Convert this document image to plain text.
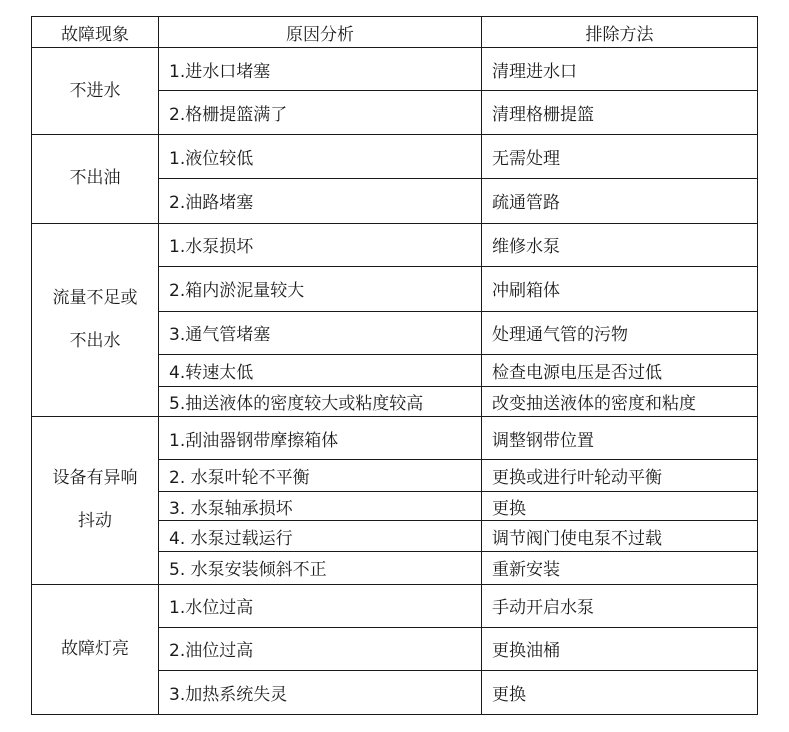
故障现象	原因分析	排除方法

不进水	1.进水口堵塞	清理进水口
	2.格栅提篮满了	清理格栅提篮

不出油	1.液位较低	无需处理
	2.油路堵塞	疏通管路

流量不足或
不出水	1.水泵损坏	维修水泵
	2.箱内淤泥量较大	冲刷箱体
	3.通气管堵塞	处理通气管的污物
	4.转速太低	检查电源电压是否过低
	5.抽送液体的密度较大或粘度较高	改变抽送液体的密度和粘度

设备有异响
抖动	1.刮油器钢带摩擦箱体	调整钢带位置
	2. 水泵叶轮不平衡	更换或进行叶轮动平衡
	3. 水泵轴承损坏	更换
	4. 水泵过载运行	调节阀门使电泵不过载
	5. 水泵安装倾斜不正	重新安装

故障灯亮	1.水位过高	手动开启水泵
	2.油位过高	更换油桶
	3.加热系统失灵	更换
